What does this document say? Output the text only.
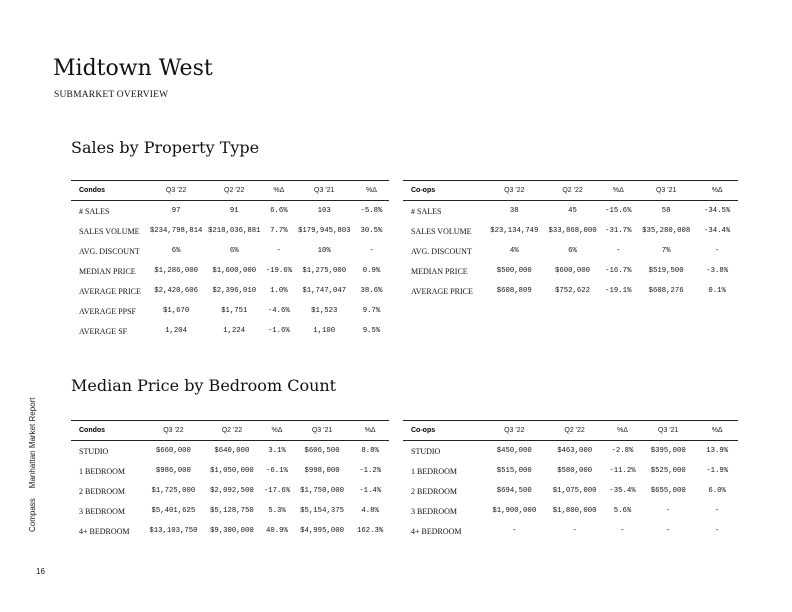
Midtown West
SUBMARKET OVERVIEW
Sales by Property Type
Median Price by Bedroom Count
Condos	Q3 '22	Q2 '22	%Δ	Q3 '21	%Δ
# SALES	97	91	6.6%	103	-5.8%
SALES VOLUME	$234,798,814	$218,036,881	7.7%	$179,945,803	30.5%
AVG. DISCOUNT	6%	6%	-	10%	-
MEDIAN PRICE	$1,286,000	$1,600,000	-19.6%	$1,275,000	0.9%
AVERAGE PRICE	$2,420,606	$2,396,010	1.0%	$1,747,047	38.6%
AVERAGE PPSF	$1,670	$1,751	-4.6%	$1,523	9.7%
AVERAGE SF	1,204	1,224	-1.6%	1,100	9.5%
Co-ops	Q3 '22	Q2 '22	%Δ	Q3 '21	%Δ
# SALES	38	45	-15.6%	58	-34.5%
SALES VOLUME	$23,134,749	$33,868,000	-31.7%	$35,280,008	-34.4%
AVG. DISCOUNT	4%	6%	-	7%	-
MEDIAN PRICE	$500,000	$600,000	-16.7%	$519,500	-3.8%
AVERAGE PRICE	$608,809	$752,622	-19.1%	$608,276	0.1%
Condos	Q3 '22	Q2 '22	%Δ	Q3 '21	%Δ
STUDIO	$660,000	$640,000	3.1%	$606,500	8.8%
1 BEDROOM	$986,000	$1,050,000	-6.1%	$998,000	-1.2%
2 BEDROOM	$1,725,000	$2,092,500	-17.6%	$1,750,000	-1.4%
3 BEDROOM	$5,401,625	$5,128,750	5.3%	$5,154,375	4.8%
4+ BEDROOM	$13,103,750	$9,300,000	40.9%	$4,995,000	162.3%
Co-ops	Q3 '22	Q2 '22	%Δ	Q3 '21	%Δ
STUDIO	$450,000	$463,000	-2.8%	$395,000	13.9%
1 BEDROOM	$515,000	$580,000	-11.2%	$525,000	-1.9%
2 BEDROOM	$694,500	$1,075,000	-35.4%	$655,000	6.0%
3 BEDROOM	$1,900,000	$1,800,000	5.6%	-	-
4+ BEDROOM	-	-	-	-	-
CompassManhattan Market Report
16
